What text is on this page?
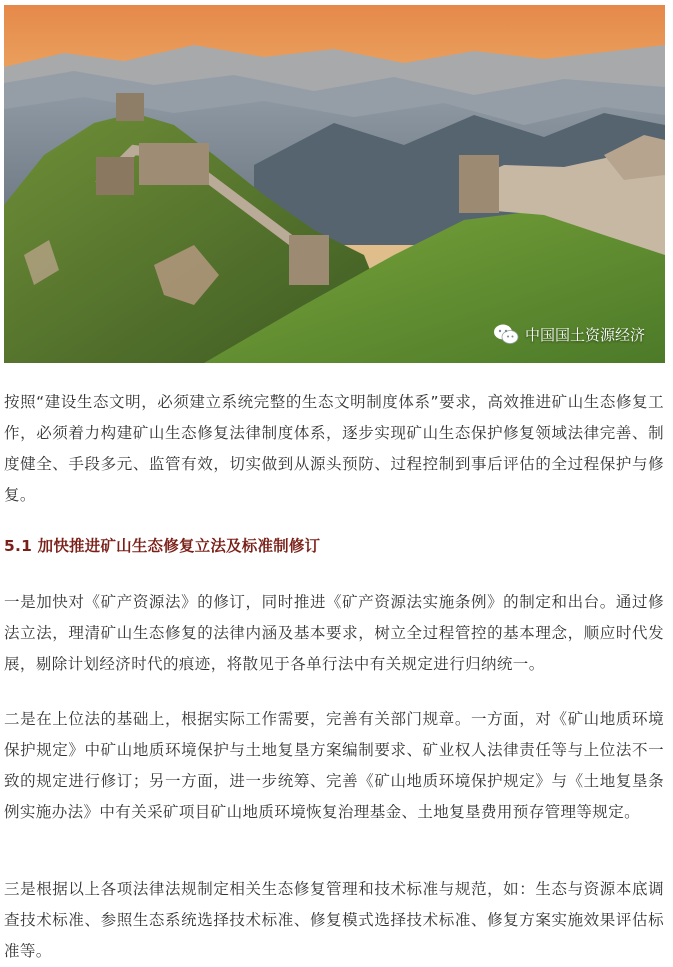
中国国土资源经济

按照“建设生态文明，必须建立系统完整的生态文明制度体系”要求，高效推进矿山生态修复工作，必须着力构建矿山生态修复法律制度体系，逐步实现矿山生态保护修复领域法律完善、制度健全、手段多元、监管有效，切实做到从源头预防、过程控制到事后评估的全过程保护与修复。

5.1 加快推进矿山生态修复立法及标准制修订

一是加快对《矿产资源法》的修订，同时推进《矿产资源法实施条例》的制定和出台。通过修法立法，理清矿山生态修复的法律内涵及基本要求，树立全过程管控的基本理念，顺应时代发展，剔除计划经济时代的痕迹，将散见于各单行法中有关规定进行归纳统一。

二是在上位法的基础上，根据实际工作需要，完善有关部门规章。一方面，对《矿山地质环境保护规定》中矿山地质环境保护与土地复垦方案编制要求、矿业权人法律责任等与上位法不一致的规定进行修订；另一方面，进一步统筹、完善《矿山地质环境保护规定》与《土地复垦条例实施办法》中有关采矿项目矿山地质环境恢复治理基金、土地复垦费用预存管理等规定。

三是根据以上各项法律法规制定相关生态修复管理和技术标准与规范，如：生态与资源本底调查技术标准、参照生态系统选择技术标准、修复模式选择技术标准、修复方案实施效果评估标准等。
